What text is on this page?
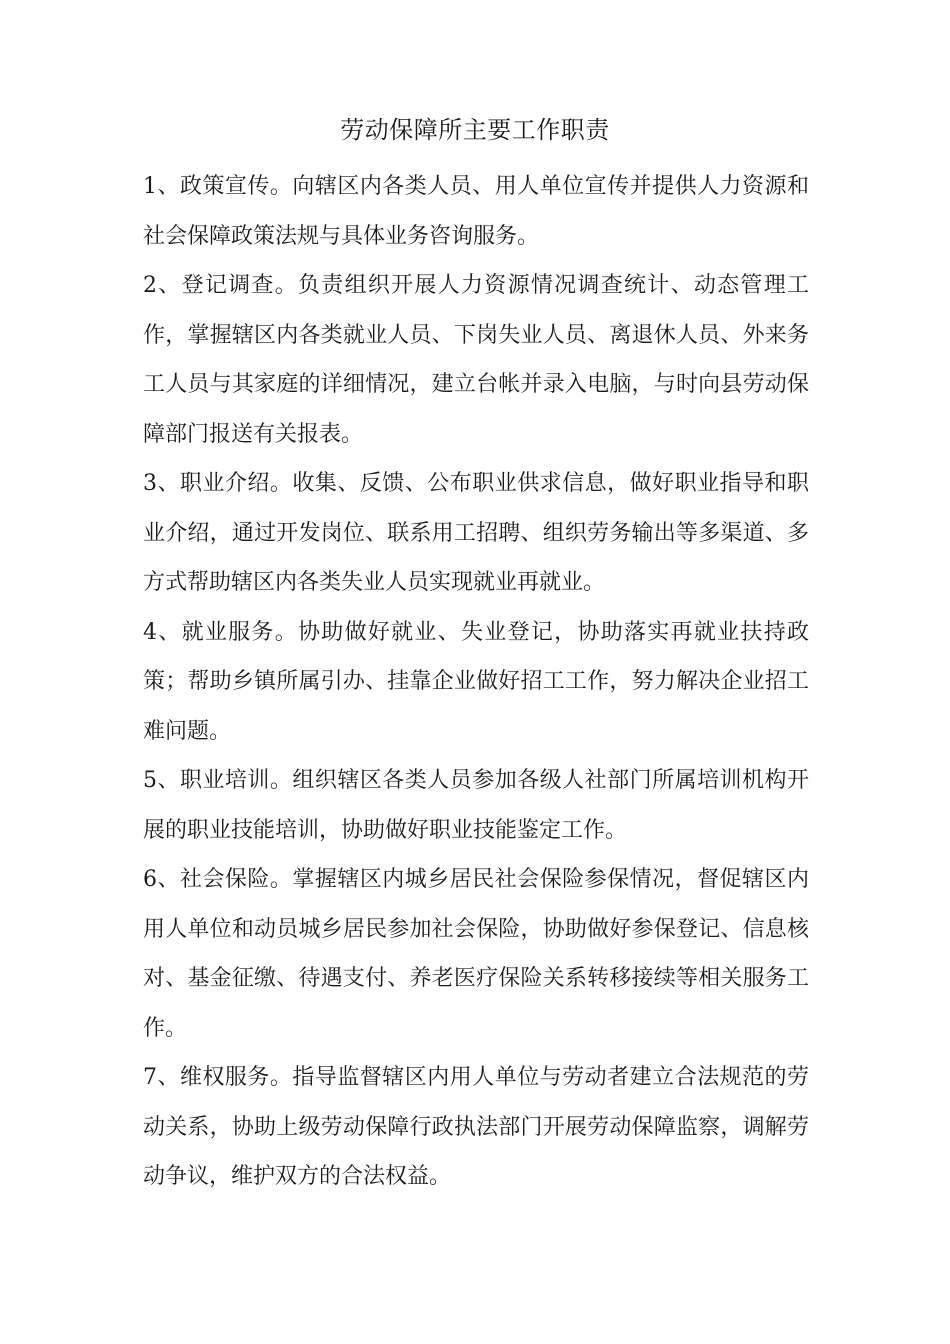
劳动保障所主要工作职责

1、政策宣传。向辖区内各类人员、用人单位宣传并提供人力资源和社会保障政策法规与具体业务咨询服务。

2、登记调查。负责组织开展人力资源情况调查统计、动态管理工作，掌握辖区内各类就业人员、下岗失业人员、离退休人员、外来务工人员与其家庭的详细情况，建立台帐并录入电脑，与时向县劳动保障部门报送有关报表。

3、职业介绍。收集、反馈、公布职业供求信息，做好职业指导和职业介绍，通过开发岗位、联系用工招聘、组织劳务输出等多渠道、多方式帮助辖区内各类失业人员实现就业再就业。

4、就业服务。协助做好就业、失业登记，协助落实再就业扶持政策；帮助乡镇所属引办、挂靠企业做好招工工作，努力解决企业招工难问题。

5、职业培训。组织辖区各类人员参加各级人社部门所属培训机构开展的职业技能培训，协助做好职业技能鉴定工作。

6、社会保险。掌握辖区内城乡居民社会保险参保情况，督促辖区内用人单位和动员城乡居民参加社会保险，协助做好参保登记、信息核对、基金征缴、待遇支付、养老医疗保险关系转移接续等相关服务工作。

7、维权服务。指导监督辖区内用人单位与劳动者建立合法规范的劳动关系，协助上级劳动保障行政执法部门开展劳动保障监察，调解劳动争议，维护双方的合法权益。
